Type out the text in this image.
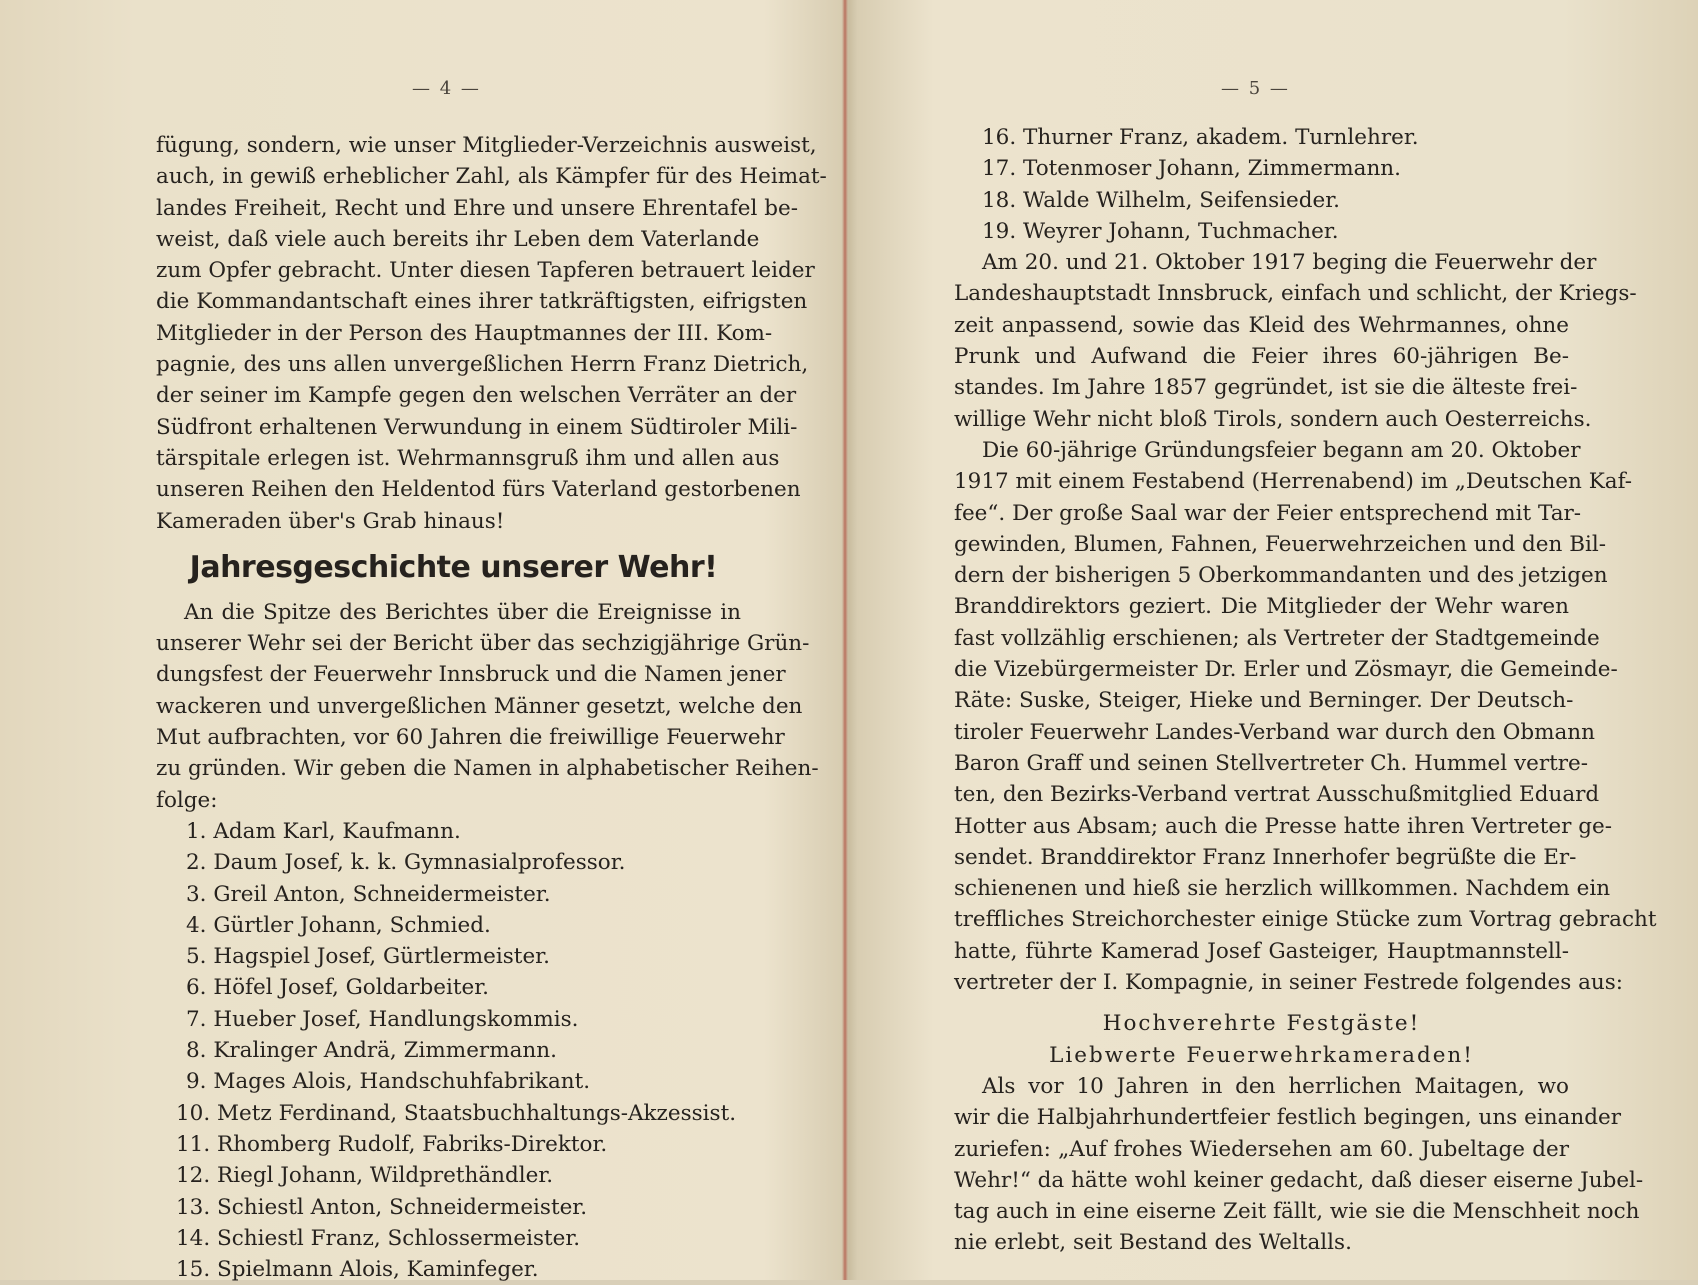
— 4 —
fügung, sondern, wie unser Mitglieder-Verzeichnis ausweist,
auch, in gewiß erheblicher Zahl, als Kämpfer für des Heimat-
landes Freiheit, Recht und Ehre und unsere Ehrentafel be-
weist, daß viele auch bereits ihr Leben dem Vaterlande
zum Opfer gebracht. Unter diesen Tapferen betrauert leider
die Kommandantschaft eines ihrer tatkräftigsten, eifrigsten
Mitglieder in der Person des Hauptmannes der III. Kom-
pagnie, des uns allen unvergeßlichen Herrn Franz Dietrich,
der seiner im Kampfe gegen den welschen Verräter an der
Südfront erhaltenen Verwundung in einem Südtiroler Mili-
tärspitale erlegen ist. Wehrmannsgruß ihm und allen aus
unseren Reihen den Heldentod fürs Vaterland gestorbenen
Kameraden über's Grab hinaus!
Jahresgeschichte unserer Wehr!
An die Spitze des Berichtes über die Ereignisse in
unserer Wehr sei der Bericht über das sechzigjährige Grün-
dungsfest der Feuerwehr Innsbruck und die Namen jener
wackeren und unvergeßlichen Männer gesetzt, welche den
Mut aufbrachten, vor 60 Jahren die freiwillige Feuerwehr
zu gründen. Wir geben die Namen in alphabetischer Reihen-
folge:
1. Adam Karl, Kaufmann.
2. Daum Josef, k. k. Gymnasialprofessor.
3. Greil Anton, Schneidermeister.
4. Gürtler Johann, Schmied.
5. Hagspiel Josef, Gürtlermeister.
6. Höfel Josef, Goldarbeiter.
7. Hueber Josef, Handlungskommis.
8. Kralinger Andrä, Zimmermann.
9. Mages Alois, Handschuhfabrikant.
10. Metz Ferdinand, Staatsbuchhaltungs-Akzessist.
11. Rhomberg Rudolf, Fabriks-Direktor.
12. Riegl Johann, Wildprethändler.
13. Schiestl Anton, Schneidermeister.
14. Schiestl Franz, Schlossermeister.
15. Spielmann Alois, Kaminfeger.
— 5 —
16. Thurner Franz, akadem. Turnlehrer.
17. Totenmoser Johann, Zimmermann.
18. Walde Wilhelm, Seifensieder.
19. Weyrer Johann, Tuchmacher.
Am 20. und 21. Oktober 1917 beging die Feuerwehr der
Landeshauptstadt Innsbruck, einfach und schlicht, der Kriegs-
zeit anpassend, sowie das Kleid des Wehrmannes, ohne
Prunk und Aufwand die Feier ihres 60-jährigen Be-
standes. Im Jahre 1857 gegründet, ist sie die älteste frei-
willige Wehr nicht bloß Tirols, sondern auch Oesterreichs.
Die 60-jährige Gründungsfeier begann am 20. Oktober
1917 mit einem Festabend (Herrenabend) im „Deutschen Kaf-
fee“. Der große Saal war der Feier entsprechend mit Tar-
gewinden, Blumen, Fahnen, Feuerwehrzeichen und den Bil-
dern der bisherigen 5 Oberkommandanten und des jetzigen
Branddirektors geziert. Die Mitglieder der Wehr waren
fast vollzählig erschienen; als Vertreter der Stadtgemeinde
die Vizebürgermeister Dr. Erler und Zösmayr, die Gemeinde-
Räte: Suske, Steiger, Hieke und Berninger. Der Deutsch-
tiroler Feuerwehr Landes-Verband war durch den Obmann
Baron Graff und seinen Stellvertreter Ch. Hummel vertre-
ten, den Bezirks-Verband vertrat Ausschußmitglied Eduard
Hotter aus Absam; auch die Presse hatte ihren Vertreter ge-
sendet. Branddirektor Franz Innerhofer begrüßte die Er-
schienenen und hieß sie herzlich willkommen. Nachdem ein
treffliches Streichorchester einige Stücke zum Vortrag gebracht
hatte, führte Kamerad Josef Gasteiger, Hauptmannstell-
vertreter der I. Kompagnie, in seiner Festrede folgendes aus:
Hochverehrte Festgäste!
Liebwerte Feuerwehrkameraden!
Als vor 10 Jahren in den herrlichen Maitagen, wo
wir die Halbjahrhundertfeier festlich begingen, uns einander
zuriefen: „Auf frohes Wiedersehen am 60. Jubeltage der
Wehr!“ da hätte wohl keiner gedacht, daß dieser eiserne Jubel-
tag auch in eine eiserne Zeit fällt, wie sie die Menschheit noch
nie erlebt, seit Bestand des Weltalls.
